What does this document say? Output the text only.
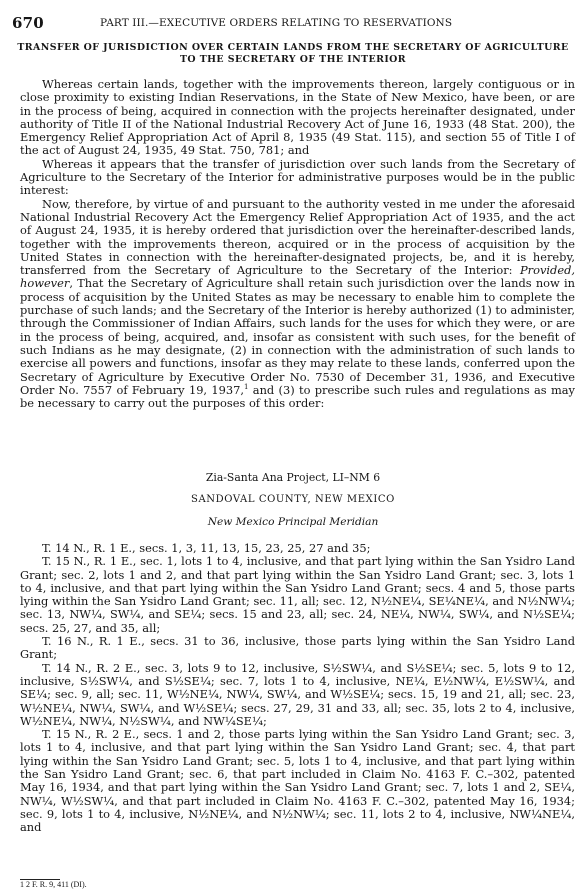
670	PART III.—EXECUTIVE ORDERS RELATING TO RESERVATIONS
TRANSFER OF JURISDICTION OVER CERTAIN LANDS FROM THE SECRETARY OF AGRICULTURE
TO THE SECRETARY OF THE INTERIOR

Whereas certain lands, together with the improvements thereon, largely contiguous or in close proximity to existing Indian Reservations, in the State of New Mexico, have been, or are in the process of being, acquired in connection with the projects hereinafter designated, under authority of Title II of the National Industrial Recovery Act of June 16, 1933 (48 Stat. 200), the Emergency Relief Appropriation Act of April 8, 1935 (49 Stat. 115), and section 55 of Title I of the act of August 24, 1935, 49 Stat. 750, 781; and

Whereas it appears that the transfer of jurisdiction over such lands from the Secretary of Agriculture to the Secretary of the Interior for administrative purposes would be in the public interest:

Now, therefore, by virtue of and pursuant to the authority vested in me under the aforesaid National Industrial Recovery Act the Emergency Relief Appropriation Act of 1935, and the act of August 24, 1935, it is hereby ordered that jurisdiction over the hereinafter-described lands, together with the improvements thereon, acquired or in the process of acquisition by the United States in connection with the hereinafter-designated projects, be, and it is hereby, transferred from the Secretary of Agriculture to the Secretary of the Interior: Provided, however, That the Secretary of Agriculture shall retain such jurisdiction over the lands now in process of acquisition by the United States as may be necessary to enable him to complete the purchase of such lands; and the Secretary of the Interior is hereby authorized (1) to administer, through the Commissioner of Indian Affairs, such lands for the uses for which they were, or are in the process of being, acquired, and, insofar as consistent with such uses, for the benefit of such Indians as he may designate, (2) in connection with the administration of such lands to exercise all powers and functions, insofar as they may relate to these lands, conferred upon the Secretary of Agriculture by Executive Order No. 7530 of December 31, 1936, and Executive Order No. 7557 of February 19, 1937,$^1$ and (3) to prescribe such rules and regulations as may be necessary to carry out the purposes of this order:

Zia-Santa Ana Project, LI–NM 6
SANDOVAL COUNTY, NEW MEXICO
New Mexico Principal Meridian

T. 14 N., R. 1 E., secs. 1, 3, 11, 13, 15, 23, 25, 27 and 35;

T. 15 N., R. 1 E., sec. 1, lots 1 to 4, inclusive, and that part lying within the San Ysidro Land Grant; sec. 2, lots 1 and 2, and that part lying within the San Ysidro Land Grant; sec. 3, lots 1 to 4, inclusive, and that part lying within the San Ysidro Land Grant; secs. 4 and 5, those parts lying within the San Ysidro Land Grant; sec. 11, all; sec. 12, N½NE¼, SE¼NE¼, and N½NW¼; sec. 13, NW¼, SW¼, and SE¼; secs. 15 and 23, all; sec. 24, NE¼, NW¼, SW¼, and N½SE¼; secs. 25, 27, and 35, all;

T. 16 N., R. 1 E., secs. 31 to 36, inclusive, those parts lying within the San Ysidro Land Grant;

T. 14 N., R. 2 E., sec. 3, lots 9 to 12, inclusive, S½SW¼, and S½SE¼; sec. 5, lots 9 to 12, inclusive, S½SW¼, and S½SE¼; sec. 7, lots 1 to 4, inclusive, NE¼, E½NW¼, E½SW¼, and SE¼; sec. 9, all; sec. 11, W½NE¼, NW¼, SW¼, and W½SE¼; secs. 15, 19 and 21, all; sec. 23, W½NE¼, NW¼, SW¼, and W½SE¼; secs. 27, 29, 31 and 33, all; sec. 35, lots 2 to 4, inclusive, W½NE¼, NW¼, N½SW¼, and NW¼SE¼;

T. 15 N., R. 2 E., secs. 1 and 2, those parts lying within the San Ysidro Land Grant; sec. 3, lots 1 to 4, inclusive, and that part lying within the San Ysidro Land Grant; sec. 4, that part lying within the San Ysidro Land Grant; sec. 5, lots 1 to 4, inclusive, and that part lying within the San Ysidro Land Grant; sec. 6, that part included in Claim No. 4163 F. C.–302, patented May 16, 1934, and that part lying within the San Ysidro Land Grant; sec. 7, lots 1 and 2, SE¼, NW¼, W½SW¼, and that part included in Claim No. 4163 F. C.–302, patented May 16, 1934; sec. 9, lots 1 to 4, inclusive, N½NE¼, and N½NW¼; sec. 11, lots 2 to 4, inclusive, NW¼NE¼, and

1 2 F. R. 9, 411 (DI).
